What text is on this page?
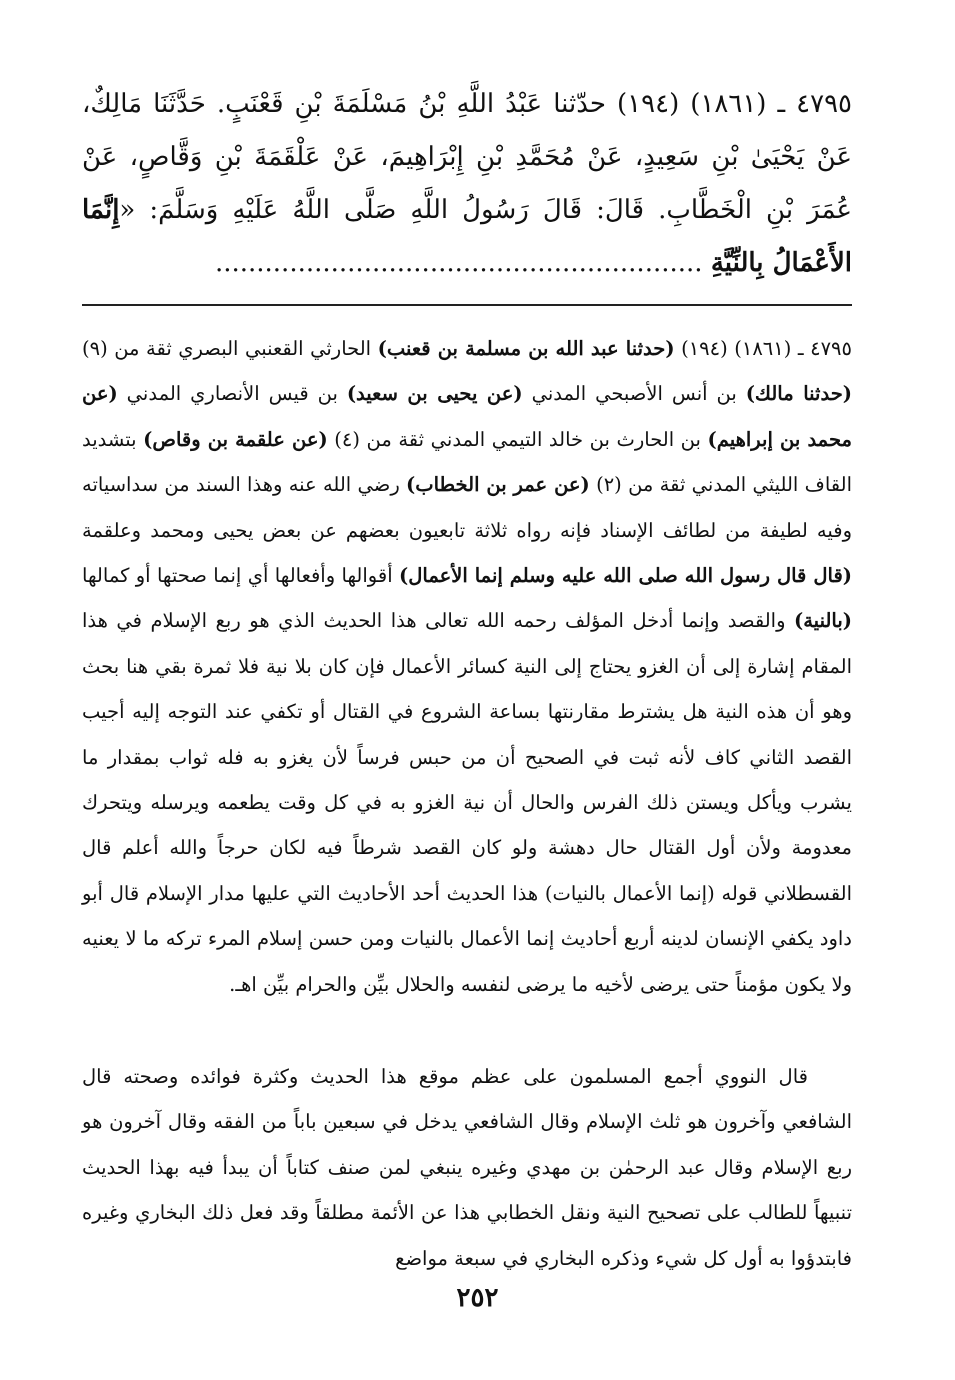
٤٧٩٥ ـ (١٨٦١) (١٩٤) حدّثنا عَبْدُ اللَّهِ بْنُ مَسْلَمَةَ بْنِ قَعْنَبٍ. حَدَّثَنَا مَالِكٌ، عَنْ يَحْيَىٰ بْنِ سَعِيدٍ، عَنْ مُحَمَّدِ بْنِ إِبْرَاهِيمَ، عَنْ عَلْقَمَةَ بْنِ وَقَّاصٍ، عَنْ عُمَرَ بْنِ الْخَطَّابِ. قَالَ: قَالَ رَسُولُ اللَّهِ صَلَّى اللَّهُ عَلَيْهِ وَسَلَّمَ: «إِنَّمَا الأَعْمَالُ بِالنِّيَّةِ ...........................................................

٤٧٩٥ ـ (١٨٦١) (١٩٤) (حدثنا عبد الله بن مسلمة بن قعنب) الحارثي القعنبي البصري ثقة من (٩) (حدثنا مالك) بن أنس الأصبحي المدني (عن يحيى بن سعيد) بن قيس الأنصاري المدني (عن محمد بن إبراهيم) بن الحارث بن خالد التيمي المدني ثقة من (٤) (عن علقمة بن وقاص) بتشديد القاف الليثي المدني ثقة من (٢) (عن عمر بن الخطاب) رضي الله عنه وهذا السند من سداسياته وفيه لطيفة من لطائف الإسناد فإنه رواه ثلاثة تابعيون بعضهم عن بعض يحيى ومحمد وعلقمة (قال قال رسول الله صلى الله عليه وسلم إنما الأعمال) أقوالها وأفعالها أي إنما صحتها أو كمالها (بالنية) والقصد وإنما أدخل المؤلف رحمه الله تعالى هذا الحديث الذي هو ربع الإسلام في هذا المقام إشارة إلى أن الغزو يحتاج إلى النية كسائر الأعمال فإن كان بلا نية فلا ثمرة بقي هنا بحث وهو أن هذه النية هل يشترط مقارنتها بساعة الشروع في القتال أو تكفي عند التوجه إليه أجيب القصد الثاني كاف لأنه ثبت في الصحيح أن من حبس فرساً لأن يغزو به فله ثواب بمقدار ما يشرب ويأكل ويستن ذلك الفرس والحال أن نية الغزو به في كل وقت يطعمه ويرسله ويتحرك معدومة ولأن أول القتال حال دهشة ولو كان القصد شرطاً فيه لكان حرجاً والله أعلم قال القسطلاني قوله (إنما الأعمال بالنيات) هذا الحديث أحد الأحاديث التي عليها مدار الإسلام قال أبو داود يكفي الإنسان لدينه أربع أحاديث إنما الأعمال بالنيات ومن حسن إسلام المرء تركه ما لا يعنيه ولا يكون مؤمناً حتى يرضى لأخيه ما يرضى لنفسه والحلال بيِّن والحرام بيِّن اهـ.

قال النووي أجمع المسلمون على عظم موقع هذا الحديث وكثرة فوائده وصحته قال الشافعي وآخرون هو ثلث الإسلام وقال الشافعي يدخل في سبعين باباً من الفقه وقال آخرون هو ربع الإسلام وقال عبد الرحمٰن بن مهدي وغيره ينبغي لمن صنف كتاباً أن يبدأ فيه بهذا الحديث تنبيهاً للطالب على تصحيح النية ونقل الخطابي هذا عن الأئمة مطلقاً وقد فعل ذلك البخاري وغيره فابتدؤوا به أول كل شيء وذكره البخاري في سبعة مواضع

٢٥٢
